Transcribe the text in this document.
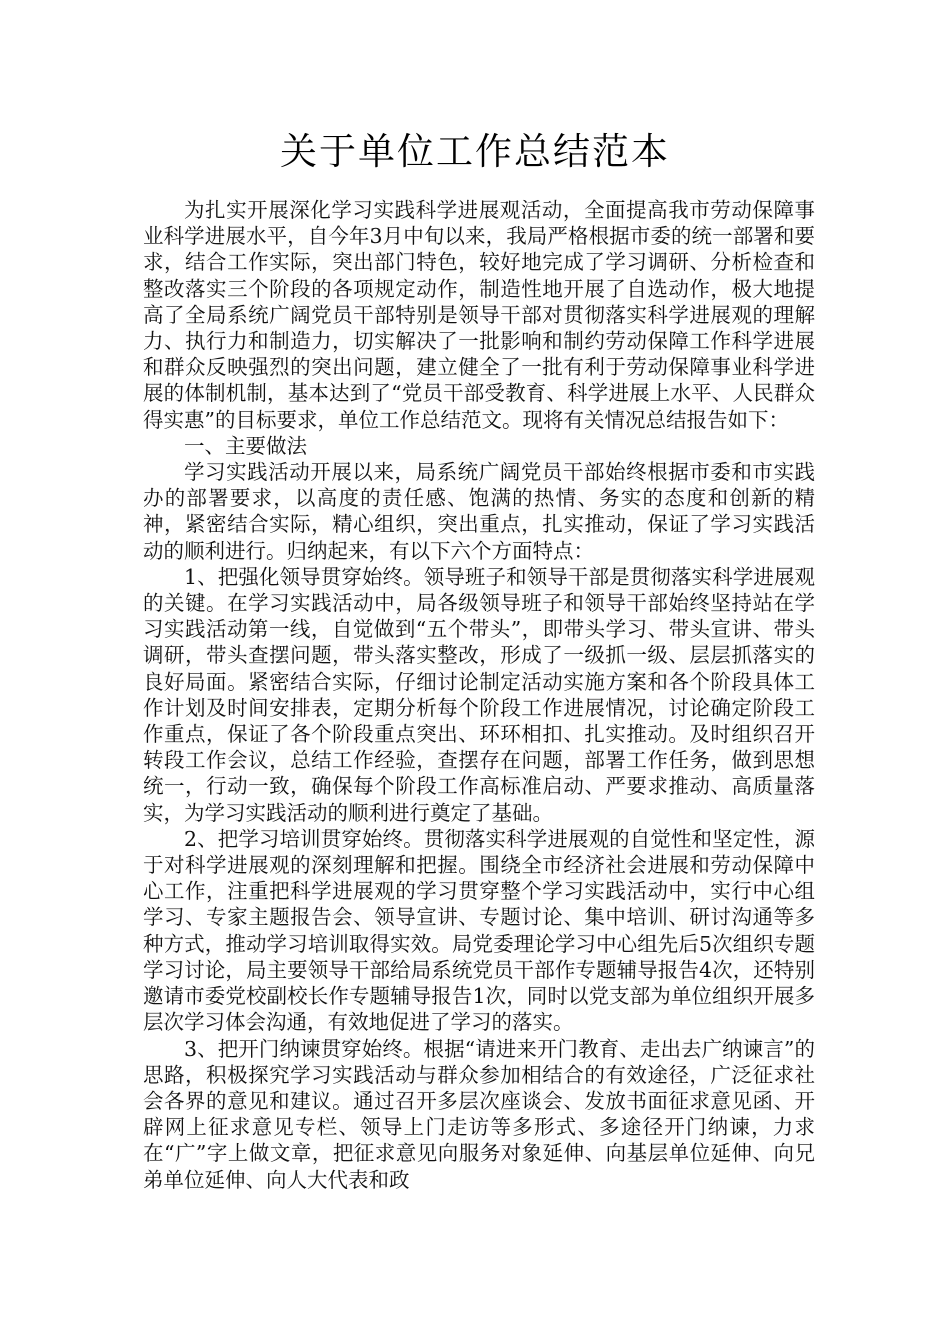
关于单位工作总结范本

为扎实开展深化学习实践科学进展观活动，全面提高我市劳动保障事业科学进展水平，自今年3月中旬以来，我局严格根据市委的统一部署和要求，结合工作实际，突出部门特色，较好地完成了学习调研、分析检查和整改落实三个阶段的各项规定动作，制造性地开展了自选动作，极大地提高了全局系统广阔党员干部特别是领导干部对贯彻落实科学进展观的理解力、执行力和制造力，切实解决了一批影响和制约劳动保障工作科学进展和群众反映强烈的突出问题，建立健全了一批有利于劳动保障事业科学进展的体制机制，基本达到了“党员干部受教育、科学进展上水平、人民群众得实惠”的目标要求，单位工作总结范文。现将有关情况总结报告如下：

一、主要做法

学习实践活动开展以来，局系统广阔党员干部始终根据市委和市实践办的部署要求，以高度的责任感、饱满的热情、务实的态度和创新的精神，紧密结合实际，精心组织，突出重点，扎实推动，保证了学习实践活动的顺利进行。归纳起来，有以下六个方面特点：

1、把强化领导贯穿始终。领导班子和领导干部是贯彻落实科学进展观的关键。在学习实践活动中，局各级领导班子和领导干部始终坚持站在学习实践活动第一线，自觉做到“五个带头”，即带头学习、带头宣讲、带头调研，带头查摆问题，带头落实整改，形成了一级抓一级、层层抓落实的良好局面。紧密结合实际，仔细讨论制定活动实施方案和各个阶段具体工作计划及时间安排表，定期分析每个阶段工作进展情况，讨论确定阶段工作重点，保证了各个阶段重点突出、环环相扣、扎实推动。及时组织召开转段工作会议，总结工作经验，查摆存在问题，部署工作任务，做到思想统一，行动一致，确保每个阶段工作高标准启动、严要求推动、高质量落实，为学习实践活动的顺利进行奠定了基础。

2、把学习培训贯穿始终。贯彻落实科学进展观的自觉性和坚定性，源于对科学进展观的深刻理解和把握。围绕全市经济社会进展和劳动保障中心工作，注重把科学进展观的学习贯穿整个学习实践活动中，实行中心组学习、专家主题报告会、领导宣讲、专题讨论、集中培训、研讨沟通等多种方式，推动学习培训取得实效。局党委理论学习中心组先后5次组织专题学习讨论，局主要领导干部给局系统党员干部作专题辅导报告4次，还特别邀请市委党校副校长作专题辅导报告1次，同时以党支部为单位组织开展多层次学习体会沟通，有效地促进了学习的落实。

3、把开门纳谏贯穿始终。根据“请进来开门教育、走出去广纳谏言”的思路，积极探究学习实践活动与群众参加相结合的有效途径，广泛征求社会各界的意见和建议。通过召开多层次座谈会、发放书面征求意见函、开辟网上征求意见专栏、领导上门走访等多形式、多途径开门纳谏，力求在“广”字上做文章，把征求意见向服务对象延伸、向基层单位延伸、向兄弟单位延伸、向人大代表和政
